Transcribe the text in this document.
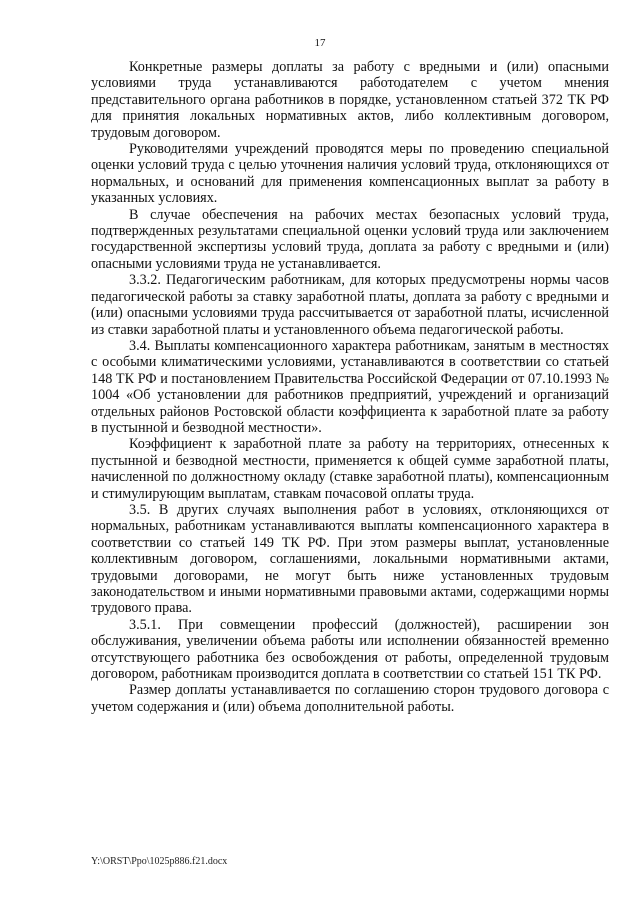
17

Конкретные размеры доплаты за работу с вредными и (или) опасными условиями труда устанавливаются работодателем с учетом мнения представительного органа работников в порядке, установленном статьей 372 ТК РФ для принятия локальных нормативных актов, либо коллективным договором, трудовым договором.

Руководителями учреждений проводятся меры по проведению специальной оценки условий труда с целью уточнения наличия условий труда, отклоняющихся от нормальных, и оснований для применения компенсационных выплат за работу в указанных условиях.

В случае обеспечения на рабочих местах безопасных условий труда, подтвержденных результатами специальной оценки условий труда или заключением государственной экспертизы условий труда, доплата за работу с вредными и (или) опасными условиями труда не устанавливается.

3.3.2. Педагогическим работникам, для которых предусмотрены нормы часов педагогической работы за ставку заработной платы, доплата за работу с вредными и (или) опасными условиями труда рассчитывается от заработной платы, исчисленной из ставки заработной платы и установленного объема педагогической работы.

3.4. Выплаты компенсационного характера работникам, занятым в местностях с особыми климатическими условиями, устанавливаются в соответствии со статьей 148 ТК РФ и постановлением Правительства Российской Федерации от 07.10.1993 № 1004 «Об установлении для работников предприятий, учреждений и организаций отдельных районов Ростовской области коэффициента к заработной плате за работу в пустынной и безводной местности».

Коэффициент к заработной плате за работу на территориях, отнесенных к пустынной и безводной местности, применяется к общей сумме заработной платы, начисленной по должностному окладу (ставке заработной платы), компенсационным и стимулирующим выплатам, ставкам почасовой оплаты труда.

3.5. В других случаях выполнения работ в условиях, отклоняющихся от нормальных, работникам устанавливаются выплаты компенсационного характера в соответствии со статьей 149 ТК РФ. При этом размеры выплат, установленные коллективным договором, соглашениями, локальными нормативными актами, трудовыми договорами, не могут быть ниже установленных трудовым законодательством и иными нормативными правовыми актами, содержащими нормы трудового права.

3.5.1. При совмещении профессий (должностей), расширении зон обслуживания, увеличении объема работы или исполнении обязанностей временно отсутствующего работника без освобождения от работы, определенной трудовым договором, работникам производится доплата в соответствии со статьей 151 ТК РФ.

Размер доплаты устанавливается по соглашению сторон трудового договора с учетом содержания и (или) объема дополнительной работы.

Y:\ORST\Ppo\1025p886.f21.docx
